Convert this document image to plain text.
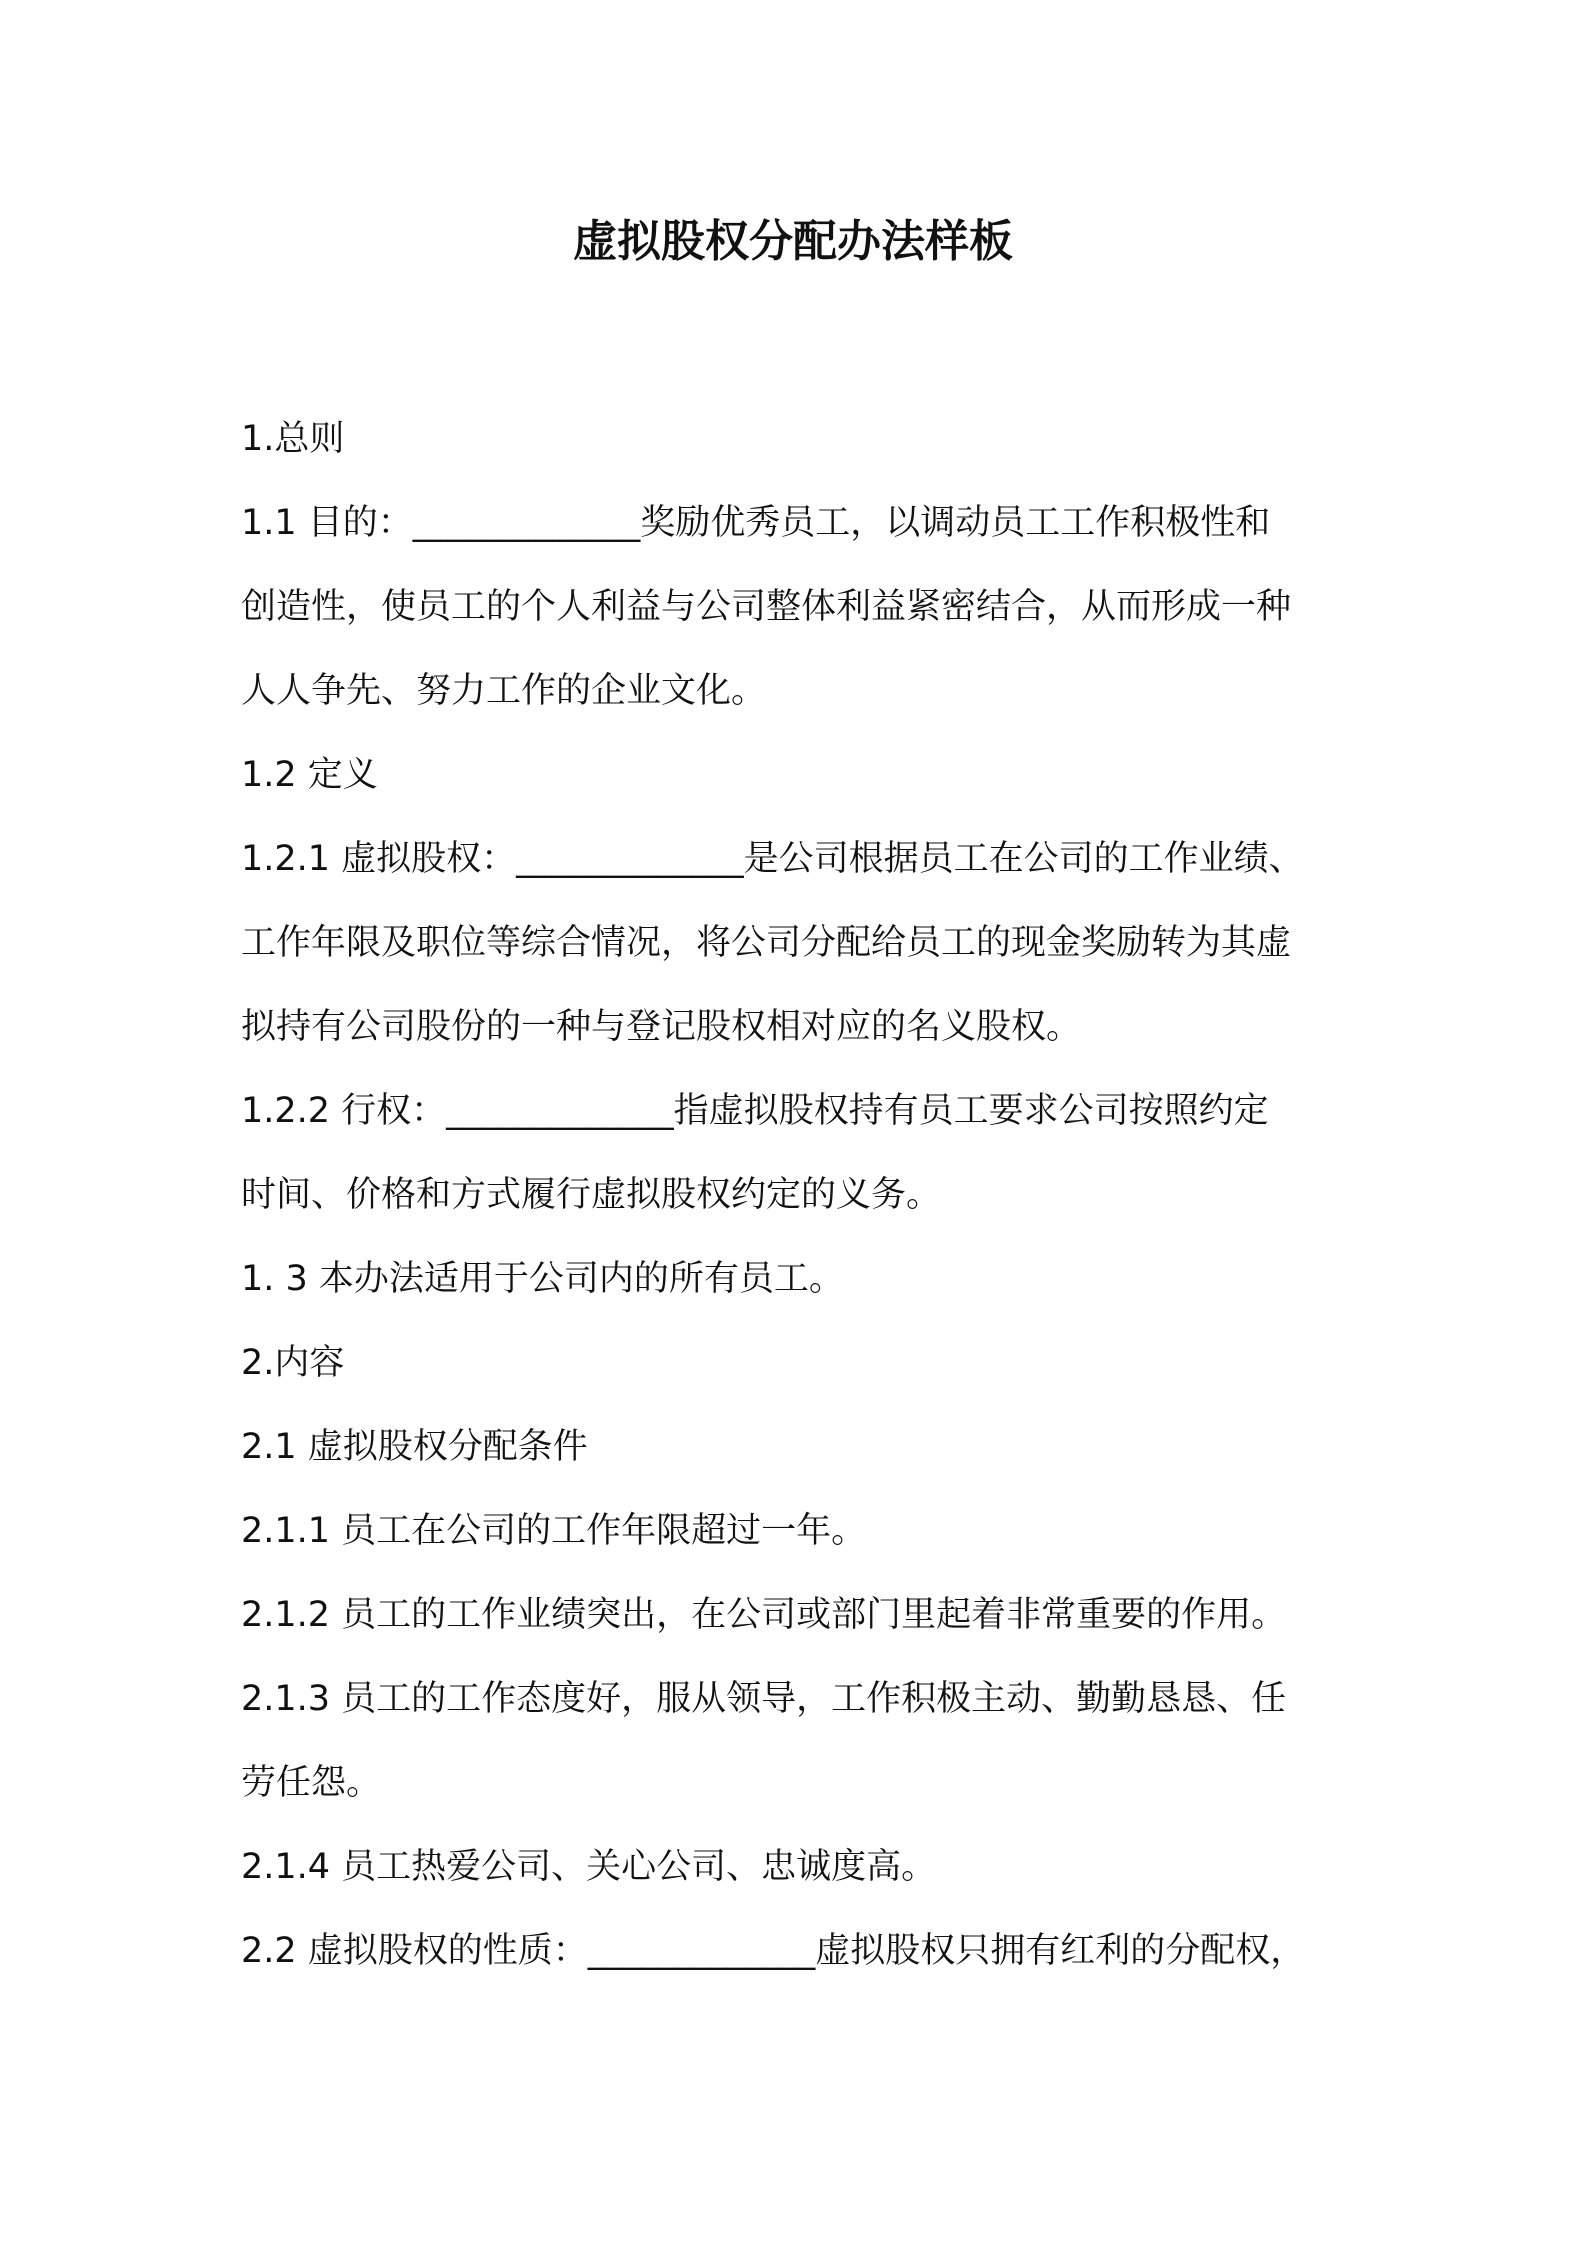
虚拟股权分配办法样板

1.总则

1.1 目的：_____________奖励优秀员工，以调动员工工作积极性和

创造性，使员工的个人利益与公司整体利益紧密结合，从而形成一种

人人争先、努力工作的企业文化。

1.2 定义

1.2.1 虚拟股权：_____________是公司根据员工在公司的工作业绩、

工作年限及职位等综合情况，将公司分配给员工的现金奖励转为其虚

拟持有公司股份的一种与登记股权相对应的名义股权。

1.2.2 行权：_____________指虚拟股权持有员工要求公司按照约定

时间、价格和方式履行虚拟股权约定的义务。

1. 3 本办法适用于公司内的所有员工。

2.内容

2.1 虚拟股权分配条件

2.1.1 员工在公司的工作年限超过一年。

2.1.2 员工的工作业绩突出，在公司或部门里起着非常重要的作用。

2.1.3 员工的工作态度好，服从领导，工作积极主动、勤勤恳恳、任

劳任怨。

2.1.4 员工热爱公司、关心公司、忠诚度高。

2.2 虚拟股权的性质：_____________虚拟股权只拥有红利的分配权，
